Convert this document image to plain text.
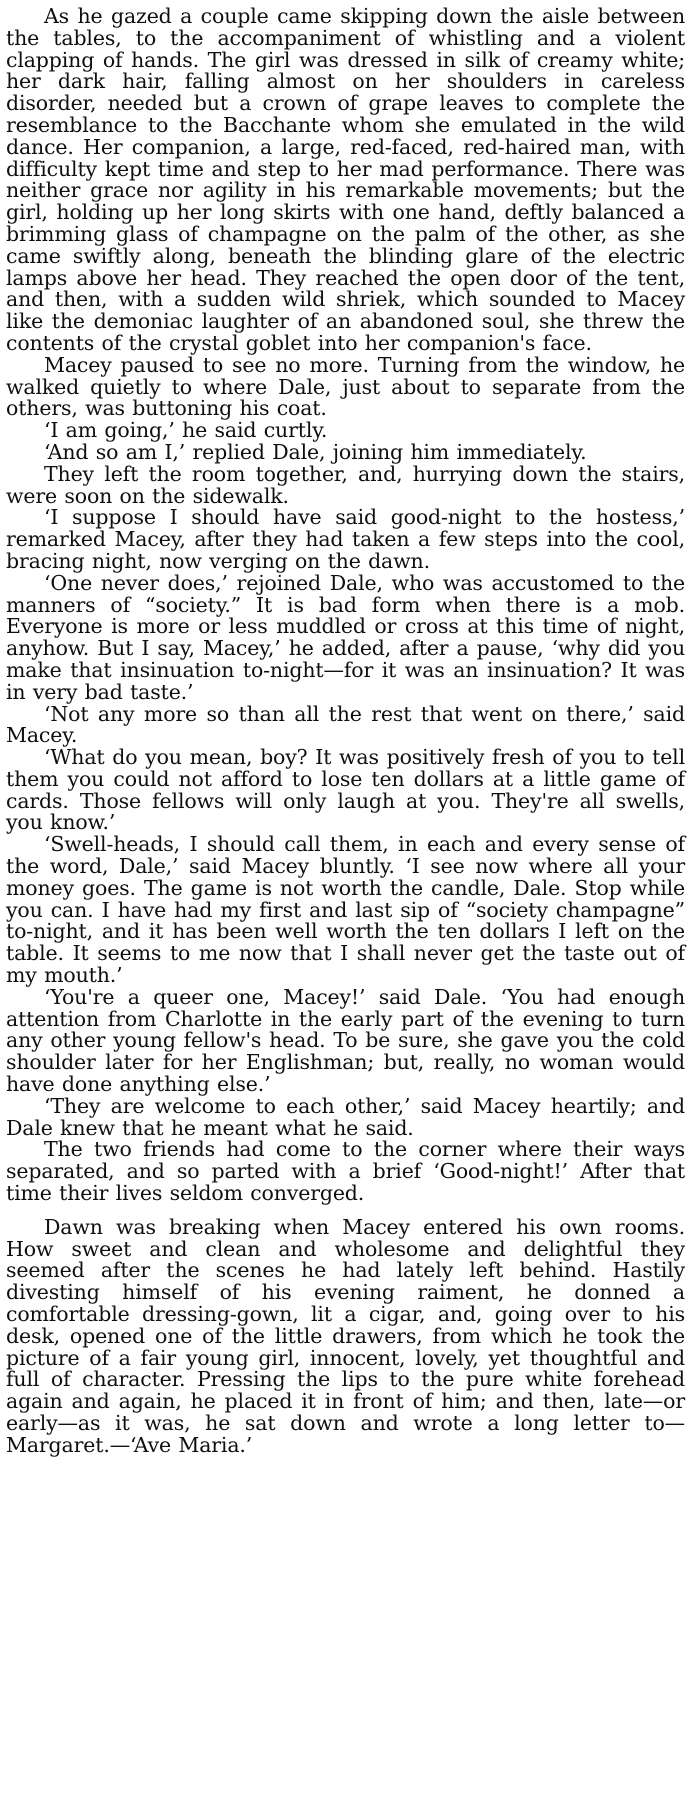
As he gazed a couple came skipping down the aisle between the tables, to the accompaniment of whistling and a violent clapping of hands. The girl was dressed in silk of creamy white; her dark hair, falling almost on her shoulders in careless disorder, needed but a crown of grape leaves to complete the resemblance to the Bacchante whom she emulated in the wild dance. Her companion, a large, red-faced, red-haired man, with difficulty kept time and step to her mad performance. There was neither grace nor agility in his remarkable movements; but the girl, holding up her long skirts with one hand, deftly balanced a brimming glass of champagne on the palm of the other, as she came swiftly along, beneath the blinding glare of the electric lamps above her head. They reached the open door of the tent, and then, with a sudden wild shriek, which sounded to Macey like the demoniac laughter of an abandoned soul, she threw the contents of the crystal goblet into her companion's face.

Macey paused to see no more. Turning from the window, he walked quietly to where Dale, just about to separate from the others, was buttoning his coat.

‘I am going,’ he said curtly.

‘And so am I,’ replied Dale, joining him immediately.

They left the room together, and, hurrying down the stairs, were soon on the sidewalk.

‘I suppose I should have said good-night to the hostess,’ remarked Macey, after they had taken a few steps into the cool, bracing night, now verging on the dawn.

‘One never does,’ rejoined Dale, who was accustomed to the manners of “society.” It is bad form when there is a mob. Everyone is more or less muddled or cross at this time of night, anyhow. But I say, Macey,’ he added, after a pause, ‘why did you make that insinuation to-night—for it was an insinuation? It was in very bad taste.’

‘Not any more so than all the rest that went on there,’ said Macey.

‘What do you mean, boy? It was positively fresh of you to tell them you could not afford to lose ten dollars at a little game of cards. Those fellows will only laugh at you. They're all swells, you know.’

‘Swell-heads, I should call them, in each and every sense of the word, Dale,’ said Macey bluntly. ‘I see now where all your money goes. The game is not worth the candle, Dale. Stop while you can. I have had my first and last sip of “society champagne” to-night, and it has been well worth the ten dollars I left on the table. It seems to me now that I shall never get the taste out of my mouth.’

‘You're a queer one, Macey!’ said Dale. ‘You had enough attention from Charlotte in the early part of the evening to turn any other young fellow's head. To be sure, she gave you the cold shoulder later for her Englishman; but, really, no woman would have done anything else.’

‘They are welcome to each other,’ said Macey heartily; and Dale knew that he meant what he said.

The two friends had come to the corner where their ways separated, and so parted with a brief ‘Good-night!’ After that time their lives seldom converged.

Dawn was breaking when Macey entered his own rooms. How sweet and clean and wholesome and delightful they seemed after the scenes he had lately left behind. Hastily divesting himself of his evening raiment, he donned a comfortable dressing-gown, lit a cigar, and, going over to his desk, opened one of the little drawers, from which he took the picture of a fair young girl, innocent, lovely, yet thoughtful and full of character. Pressing the lips to the pure white forehead again and again, he placed it in front of him; and then, late—or early—as it was, he sat down and wrote a long letter to—Margaret.—‘Ave Maria.’
